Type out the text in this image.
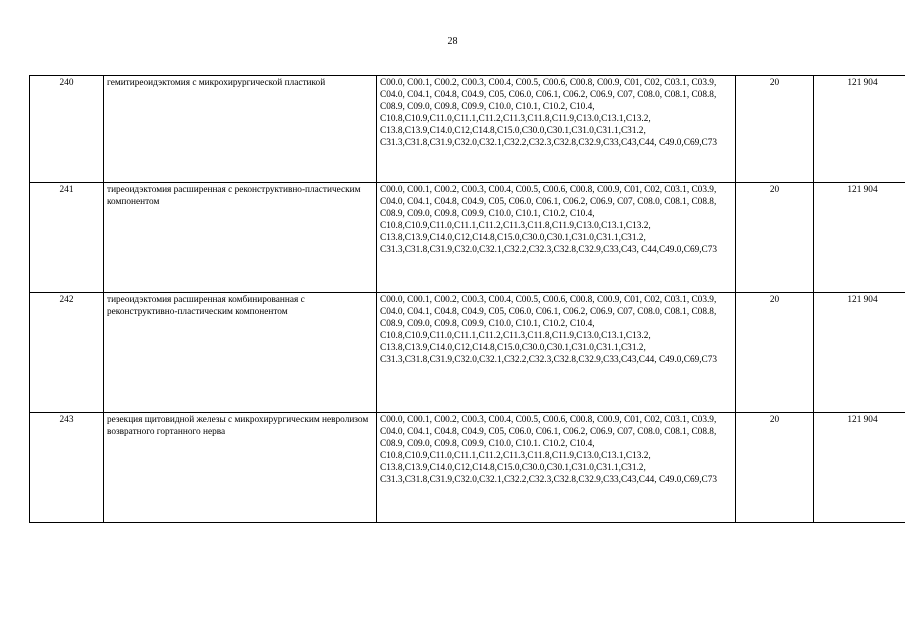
28
240	гемитиреоидэктомия с микрохирургической пластикой	C00.0, C00.1, C00.2, C00.3, C00.4, C00.5, C00.6, C00.8, C00.9, C01, C02, C03.1, C03.9, C04.0, C04.1, C04.8, C04.9, C05, C06.0, C06.1, C06.2, C06.9, C07, C08.0, C08.1, C08.8, C08.9, C09.0, C09.8, C09.9, C10.0, C10.1, C10.2, C10.4, C10.8,C10.9,C11.0,C11.1,C11.2,C11.3,C11.8,C11.9,C13.0,C13.1,C13.2, C13.8,C13.9,C14.0,C12,C14.8,C15.0,C30.0,C30.1,C31.0,C31.1,C31.2, C31.3,C31.8,C31.9,C32.0,C32.1,C32.2,C32.3,C32.8,C32.9,C33,C43,C44, C49.0,C69,C73	20	121 904
241	тиреоидэктомия расширенная с реконструктивно-пластическим компонентом	C00.0, C00.1, C00.2, C00.3, C00.4, C00.5, C00.6, C00.8, C00.9, C01, C02, C03.1, C03.9, C04.0, C04.1, C04.8, C04.9, C05, C06.0, C06.1, C06.2, C06.9, C07, C08.0, C08.1, C08.8, C08.9, C09.0, C09.8, C09.9, C10.0, C10.1, C10.2, C10.4, C10.8,C10.9,C11.0,C11.1,C11.2,C11.3,C11.8,C11.9,C13.0,C13.1,C13.2, C13.8,C13.9,C14.0,C12,C14.8,C15.0,C30.0,C30.1,C31.0,C31.1,C31.2, C31.3,C31.8,C31.9,C32.0,C32.1,C32.2,C32.3,C32.8,C32.9,C33,C43, C44,C49.0,C69,C73	20	121 904
242	тиреоидэктомия расширенная комбинированная с реконструктивно-пластическим компонентом	C00.0, C00.1, C00.2, C00.3, C00.4, C00.5, C00.6, C00.8, C00.9, C01, C02, C03.1, C03.9, C04.0, C04.1, C04.8, C04.9, C05, C06.0, C06.1, C06.2, C06.9, C07, C08.0, C08.1, C08.8, C08.9, C09.0, C09.8, C09.9, C10.0, C10.1, C10.2, C10.4, C10.8,C10.9,C11.0,C11.1,C11.2,C11.3,C11.8,C11.9,C13.0,C13.1,C13.2, C13.8,C13.9,C14.0,C12,C14.8,C15.0,C30.0,C30.1,C31.0,C31.1,C31.2, C31.3,C31.8,C31.9,C32.0,C32.1,C32.2,C32.3,C32.8,C32.9,C33,C43,C44, C49.0,C69,C73	20	121 904
243	резекция щитовидной железы с микрохирургическим невролизом возвратного гортанного нерва	C00.0, C00.1, C00.2, C00.3, C00.4, C00.5, C00.6, C00.8, C00.9, C01, C02, C03.1, C03.9, C04.0, C04.1, C04.8, C04.9, C05, C06.0, C06.1, C06.2, C06.9, C07, C08.0, C08.1, C08.8, C08.9, C09.0, C09.8, C09.9, C10.0, C10.1. C10.2, C10.4, C10.8,C10.9,C11.0,C11.1,C11.2,C11.3,C11.8,C11.9,C13.0,C13.1,C13.2, C13.8,C13.9,C14.0,C12,C14.8,C15.0,C30.0,C30.1,C31.0,C31.1,C31.2, C31.3,C31.8,C31.9,C32.0,C32.1,C32.2,C32.3,C32.8,C32.9,C33,C43,C44, C49.0,C69,C73	20	121 904
